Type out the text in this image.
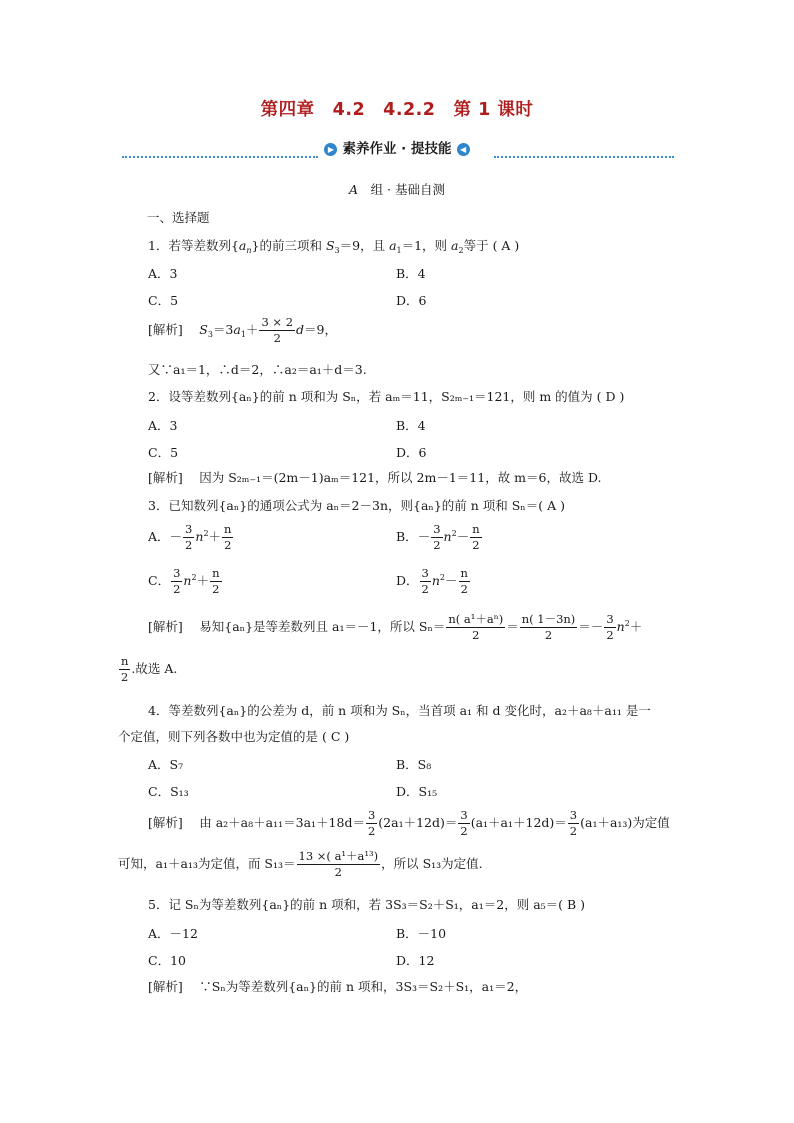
第四章　4.2　4.2.2　第 1 课时
▶ 素养作业 · 提技能 ◀
A　 组 · 基础自测
一、选择题
1．若等差数列$\{a_n\}$的前三项和 $S_3=9$，且 $a_1=1$，则 $a_2$等于 ( A )
A．3	B．4
C．5	D．6
[解析]　 $S_3=3a_1+ \frac{3 \times 2}{2} d=9$，
又∵a₁＝1，∴d＝2，∴a₂＝a₁＋d＝3.
2．设等差数列{aₙ}的前 n 项和为 Sₙ，若 aₘ＝11，S₂ₘ₋₁＝121，则 m 的值为 ( D )
A．3	B．4
C．5	D．6
[解析]　 因为 S₂ₘ₋₁＝(2m－1)aₘ＝121，所以 2m－1＝11，故 m＝6，故选 D.
3．已知数列{aₙ}的通项公式为 aₙ＝2－3n，则{aₙ}的前 n 项和 Sₙ＝( A )
A．－ $\frac{3}{2} n^2+ \frac{n}{2}$	B．－ $\frac{3}{2} n^2- \frac{n}{2}$
C． $\frac{3}{2} n^2+ \frac{n}{2}$	D． $\frac{3}{2} n^2- \frac{n}{2}$
[解析]　 易知{aₙ}是等差数列且 a₁＝－1，所以 $S_n= \frac{\text{n( a¹＋aⁿ)}}{2} = \frac{n( 1-3n)}{2} =- \frac{3}{2} n^2+$
$\frac{n}{2}$ .故选 A.
4．等差数列{aₙ}的公差为 d，前 n 项和为 Sₙ，当首项 a₁ 和 d 变化时，a₂＋a₈＋a₁₁ 是一
个定值，则下列各数中也为定值的是 ( C )
A．S₇	B．S₈
C．S₁₃	D．S₁₅
[解析]　 由 $a_2+a_8+a_{11}=3a_1+18d= \frac{3}{2} (2a_1+12d)= \frac{3}{2} (a_1+a_1+12d)= \frac{3}{2} (a_1+a_{13})$为定值
可知，a₁＋a₁₃为定值，而 $S_{13}= \frac{\text{13 ×( a¹＋a¹³)}}{2}$ ，所以 S₁₃为定值.
5．记 Sₙ为等差数列{aₙ}的前 n 项和，若 3S₃＝S₂＋S₁，a₁＝2，则 a₅＝( B )
A．－12	B．－10
C．10	D．12
[解析]　 ∵Sₙ为等差数列{aₙ}的前 n 项和，3S₃＝S₂＋S₁，a₁＝2，
